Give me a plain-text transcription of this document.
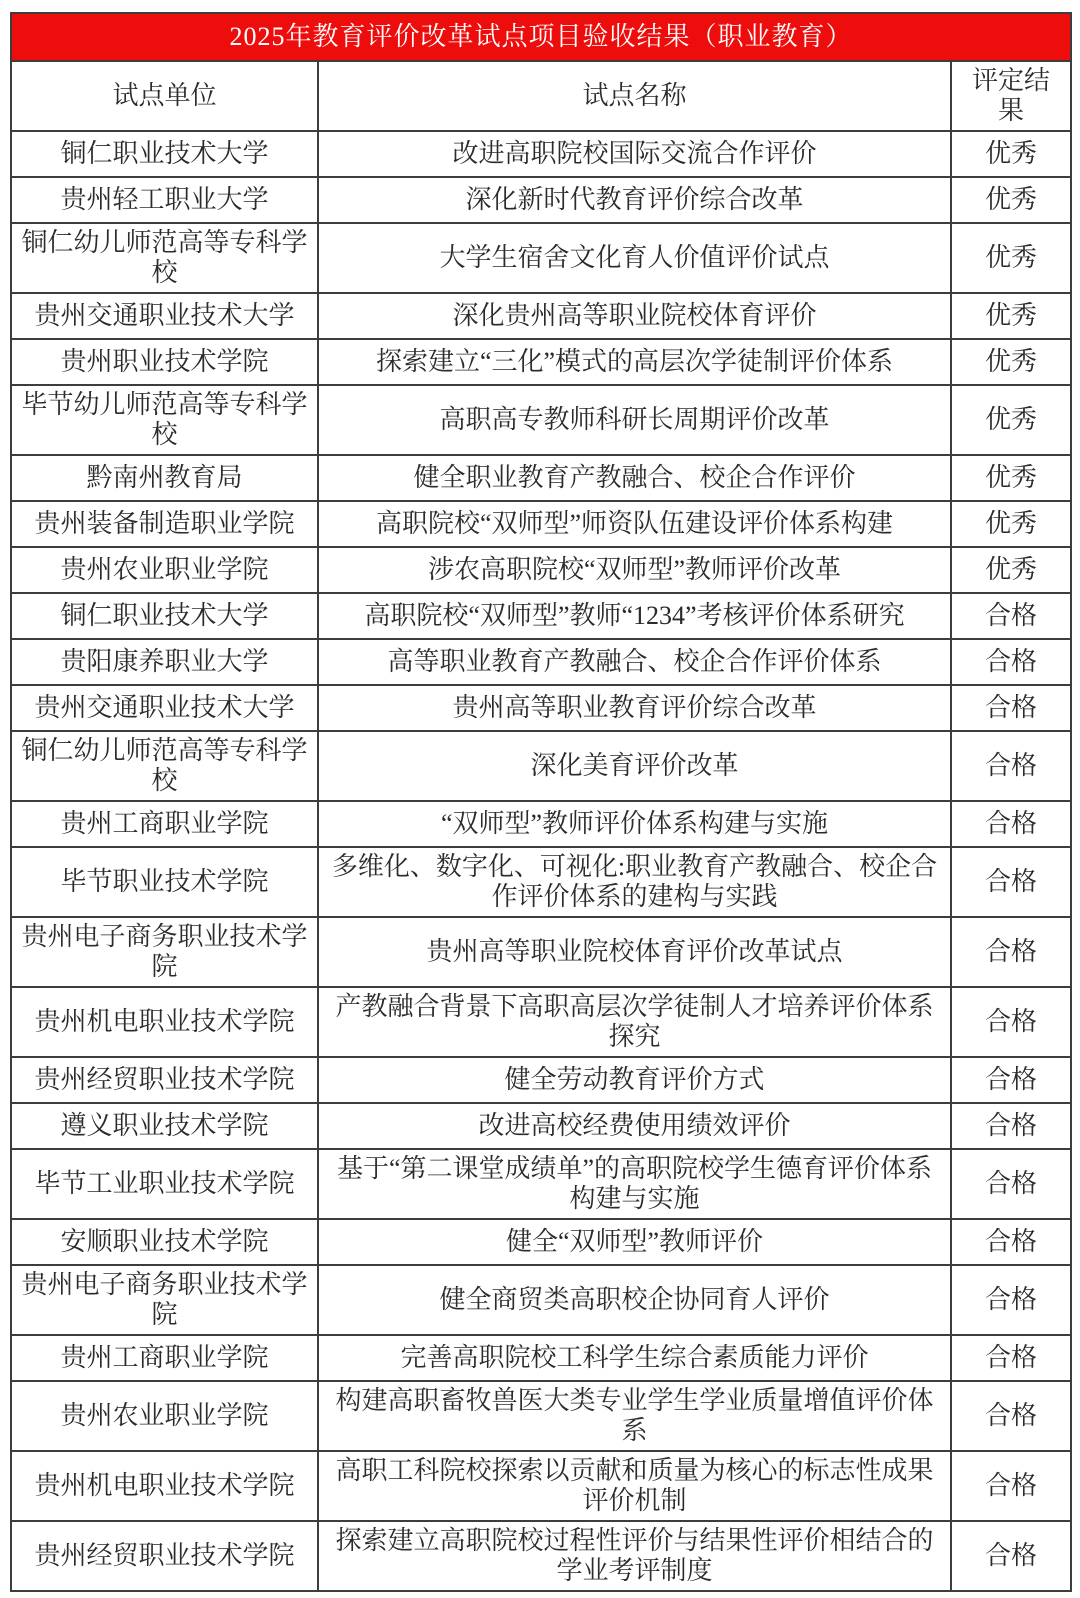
2025年教育评价改革试点项目验收结果（职业教育）		
试点单位	试点名称	评定结果
铜仁职业技术大学	改进高职院校国际交流合作评价	优秀
贵州轻工职业大学	深化新时代教育评价综合改革	优秀
铜仁幼儿师范高等专科学校	大学生宿舍文化育人价值评价试点	优秀
贵州交通职业技术大学	深化贵州高等职业院校体育评价	优秀
贵州职业技术学院	探索建立“三化”模式的高层次学徒制评价体系	优秀
毕节幼儿师范高等专科学校	高职高专教师科研长周期评价改革	优秀
黔南州教育局	健全职业教育产教融合、校企合作评价	优秀
贵州装备制造职业学院	高职院校“双师型”师资队伍建设评价体系构建	优秀
贵州农业职业学院	涉农高职院校“双师型”教师评价改革	优秀
铜仁职业技术大学	高职院校“双师型”教师“1234”考核评价体系研究	合格
贵阳康养职业大学	高等职业教育产教融合、校企合作评价体系	合格
贵州交通职业技术大学	贵州高等职业教育评价综合改革	合格
铜仁幼儿师范高等专科学校	深化美育评价改革	合格
贵州工商职业学院	“双师型”教师评价体系构建与实施	合格
毕节职业技术学院	多维化、数字化、可视化:职业教育产教融合、校企合作评价体系的建构与实践	合格
贵州电子商务职业技术学院	贵州高等职业院校体育评价改革试点	合格
贵州机电职业技术学院	产教融合背景下高职高层次学徒制人才培养评价体系探究	合格
贵州经贸职业技术学院	健全劳动教育评价方式	合格
遵义职业技术学院	改进高校经费使用绩效评价	合格
毕节工业职业技术学院	基于“第二课堂成绩单”的高职院校学生德育评价体系构建与实施	合格
安顺职业技术学院	健全“双师型”教师评价	合格
贵州电子商务职业技术学院	健全商贸类高职校企协同育人评价	合格
贵州工商职业学院	完善高职院校工科学生综合素质能力评价	合格
贵州农业职业学院	构建高职畜牧兽医大类专业学生学业质量增值评价体系	合格
贵州机电职业技术学院	高职工科院校探索以贡献和质量为核心的标志性成果评价机制	合格
贵州经贸职业技术学院	探索建立高职院校过程性评价与结果性评价相结合的学业考评制度	合格
